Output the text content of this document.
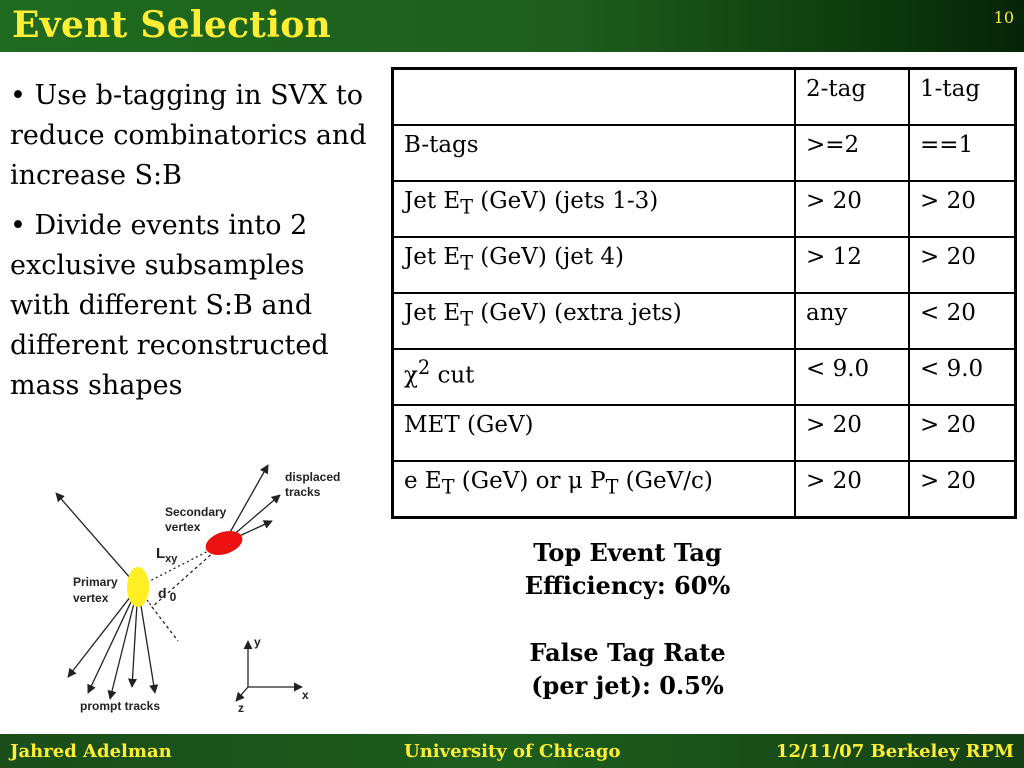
Event Selection	10

• Use b-tagging in SVX to reduce combinatorics and increase S:B

• Divide events into 2 exclusive subsamples with different S:B and different reconstructed mass shapes

	2-tag	1-tag
B-tags	>=2	==1
Jet $E_T$ (GeV) (jets 1-3)	> 20	> 20
Jet $E_T$ (GeV) (jet 4)	> 12	> 20
Jet $E_T$ (GeV) (extra jets)	any	< 20
$\chi^2$ cut	< 9.0	< 9.0
MET (GeV)	> 20	> 20
e $E_T$ (GeV) or μ $P_T$ (GeV/c)	> 20	> 20

Top Event Tag

Efficiency: 60%

False Tag Rate

(per jet): 0.5%

displaced
tracks
Secondary
vertex
Lxy
Primary
vertex	d 0
prompt tracks
y
x
z
Jahred Adelman	University of Chicago	12/11/07 Berkeley RPM
